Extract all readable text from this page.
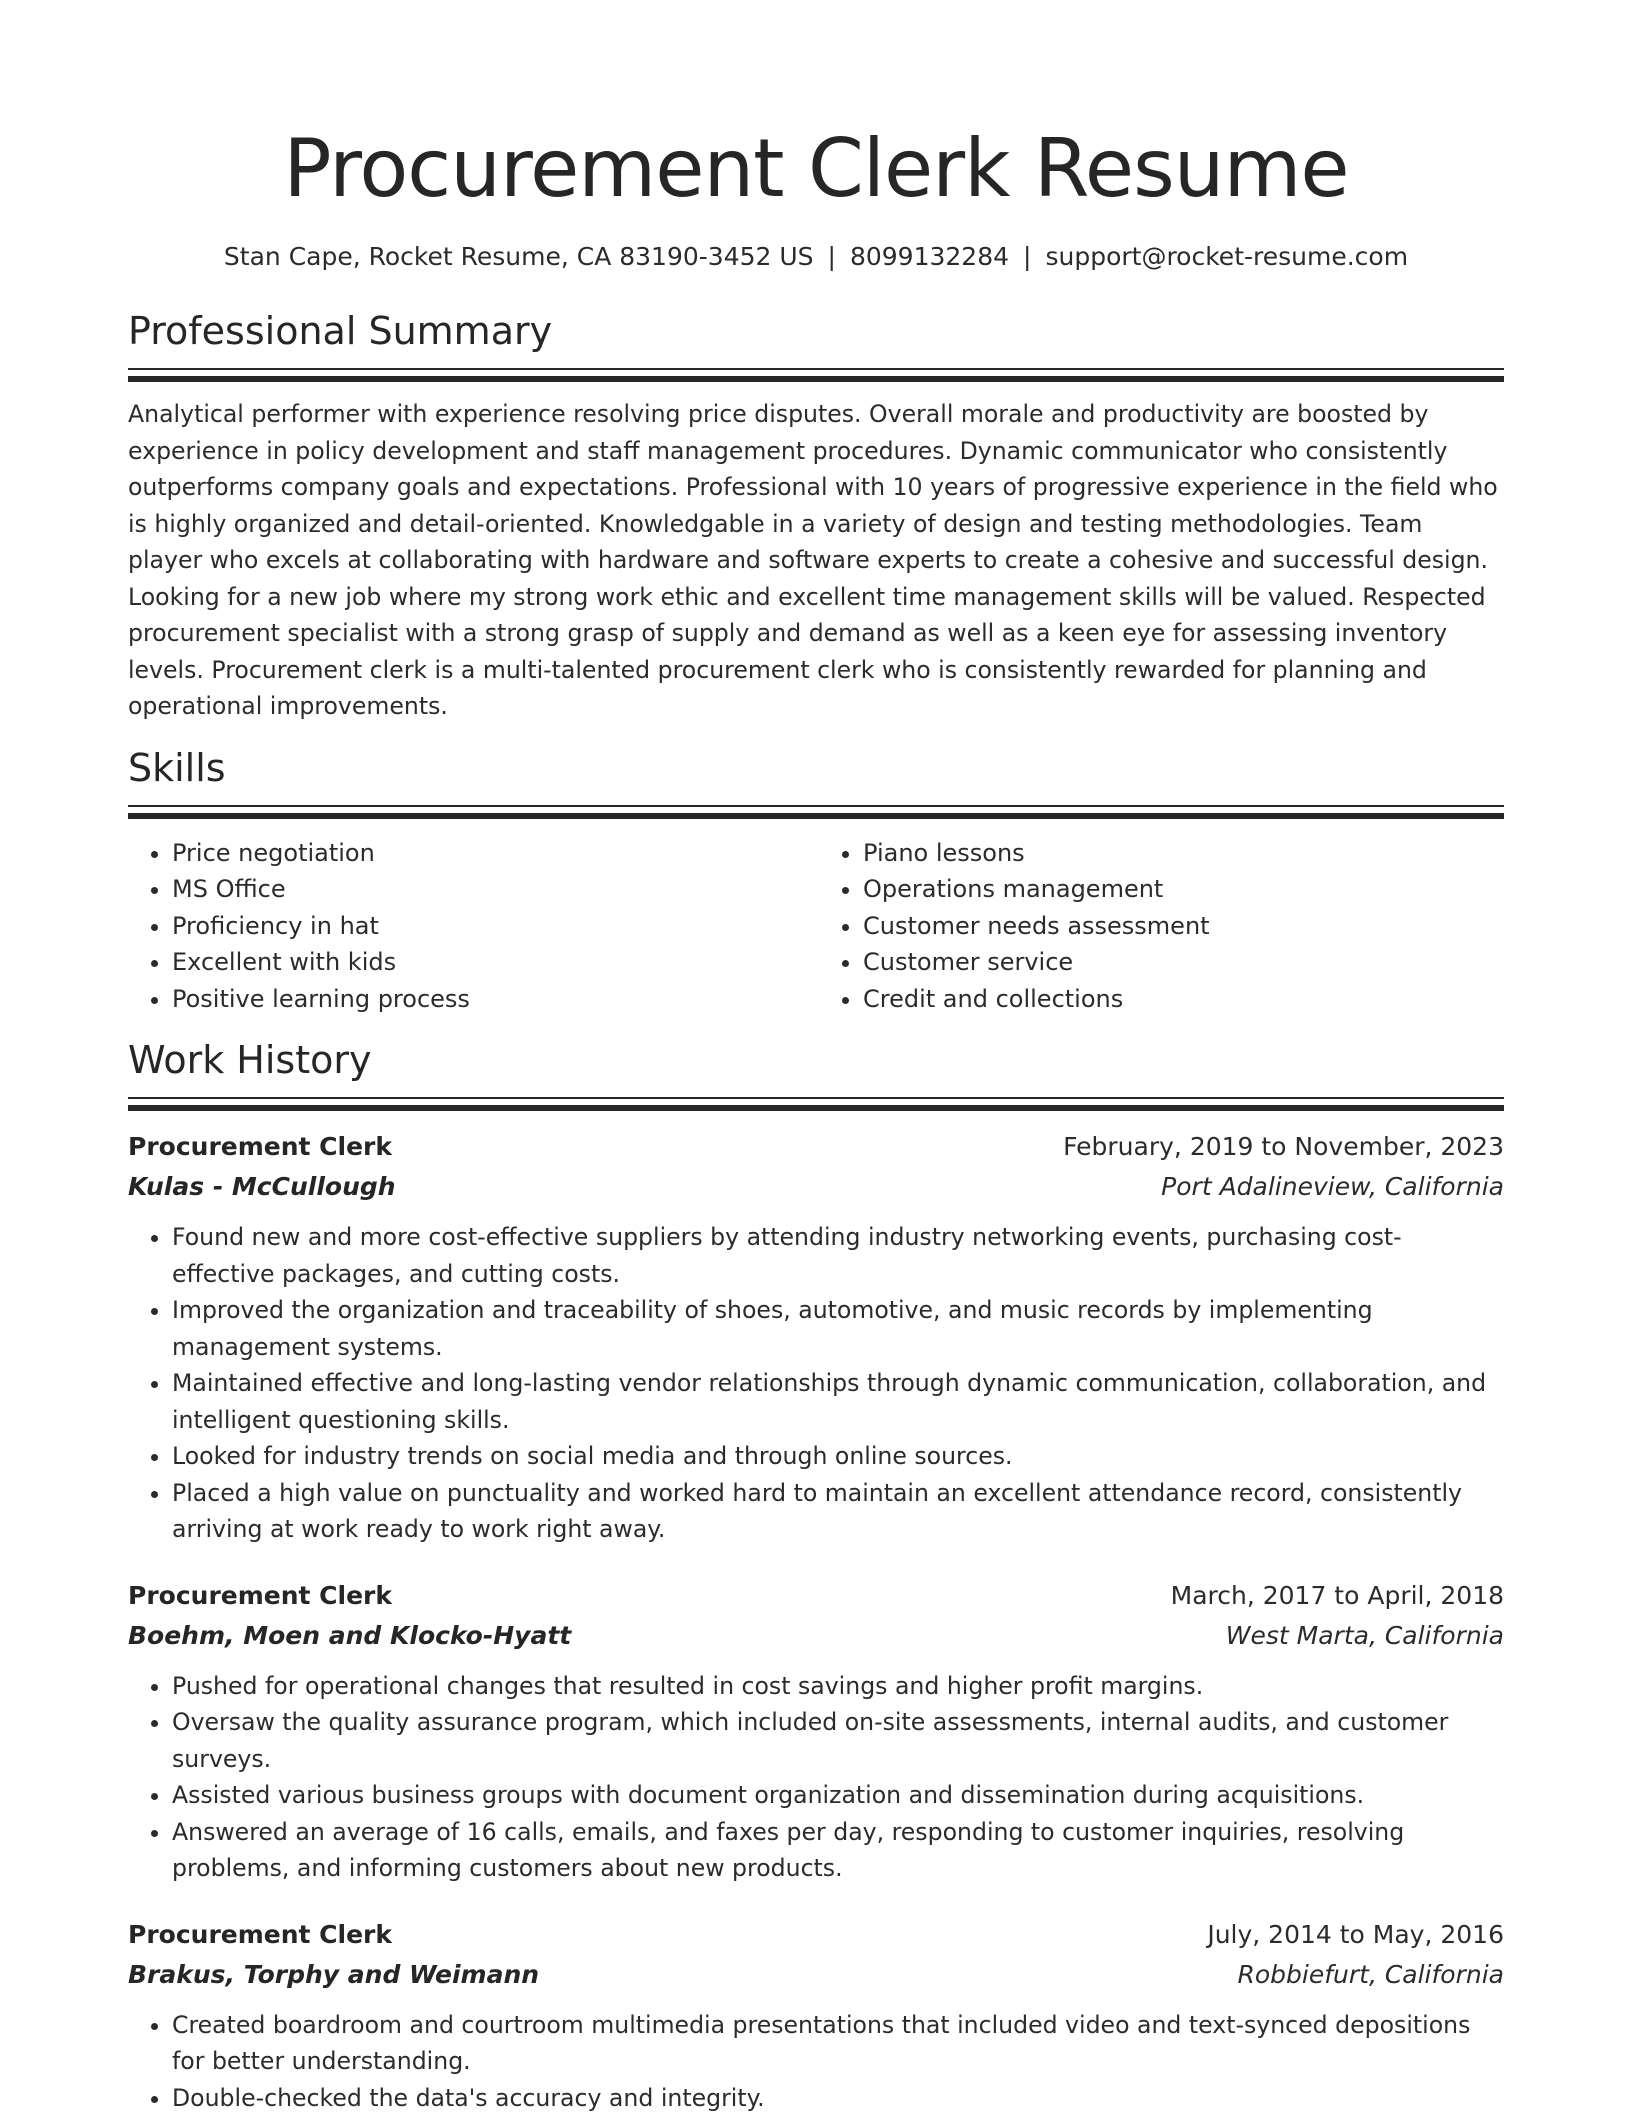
Procurement Clerk Resume
Stan Cape, Rocket Resume, CA 83190-3452 US | 8099132284 | support@rocket-resume.com
Professional Summary

Analytical performer with experience resolving price disputes. Overall morale and productivity are boosted by experience in policy development and staff management procedures. Dynamic communicator who consistently outperforms company goals and expectations. Professional with 10 years of progressive experience in the field who is highly organized and detail-oriented. Knowledgable in a variety of design and testing methodologies. Team player who excels at collaborating with hardware and software experts to create a cohesive and successful design. Looking for a new job where my strong work ethic and excellent time management skills will be valued. Respected procurement specialist with a strong grasp of supply and demand as well as a keen eye for assessing inventory levels. Procurement clerk is a multi-talented procurement clerk who is consistently rewarded for planning and operational improvements.

Skills
• Price negotiation
• MS Office
• Proficiency in hat
• Excellent with kids
• Positive learning process
• Piano lessons
• Operations management
• Customer needs assessment
• Customer service
• Credit and collections
Work History
Procurement Clerk	February, 2019 to November, 2023
Kulas - McCullough	Port Adalineview, California
• Found new and more cost-effective suppliers by attending industry networking events, purchasing cost-effective packages, and cutting costs.
• Improved the organization and traceability of shoes, automotive, and music records by implementing management systems.
• Maintained effective and long-lasting vendor relationships through dynamic communication, collaboration, and intelligent questioning skills.
• Looked for industry trends on social media and through online sources.
• Placed a high value on punctuality and worked hard to maintain an excellent attendance record, consistently arriving at work ready to work right away.
Procurement Clerk	March, 2017 to April, 2018
Boehm, Moen and Klocko-Hyatt	West Marta, California
• Pushed for operational changes that resulted in cost savings and higher profit margins.
• Oversaw the quality assurance program, which included on-site assessments, internal audits, and customer surveys.
• Assisted various business groups with document organization and dissemination during acquisitions.
• Answered an average of 16 calls, emails, and faxes per day, responding to customer inquiries, resolving problems, and informing customers about new products.
Procurement Clerk	July, 2014 to May, 2016
Brakus, Torphy and Weimann	Robbiefurt, California
• Created boardroom and courtroom multimedia presentations that included video and text-synced depositions for better understanding.
• Double-checked the data's accuracy and integrity.
